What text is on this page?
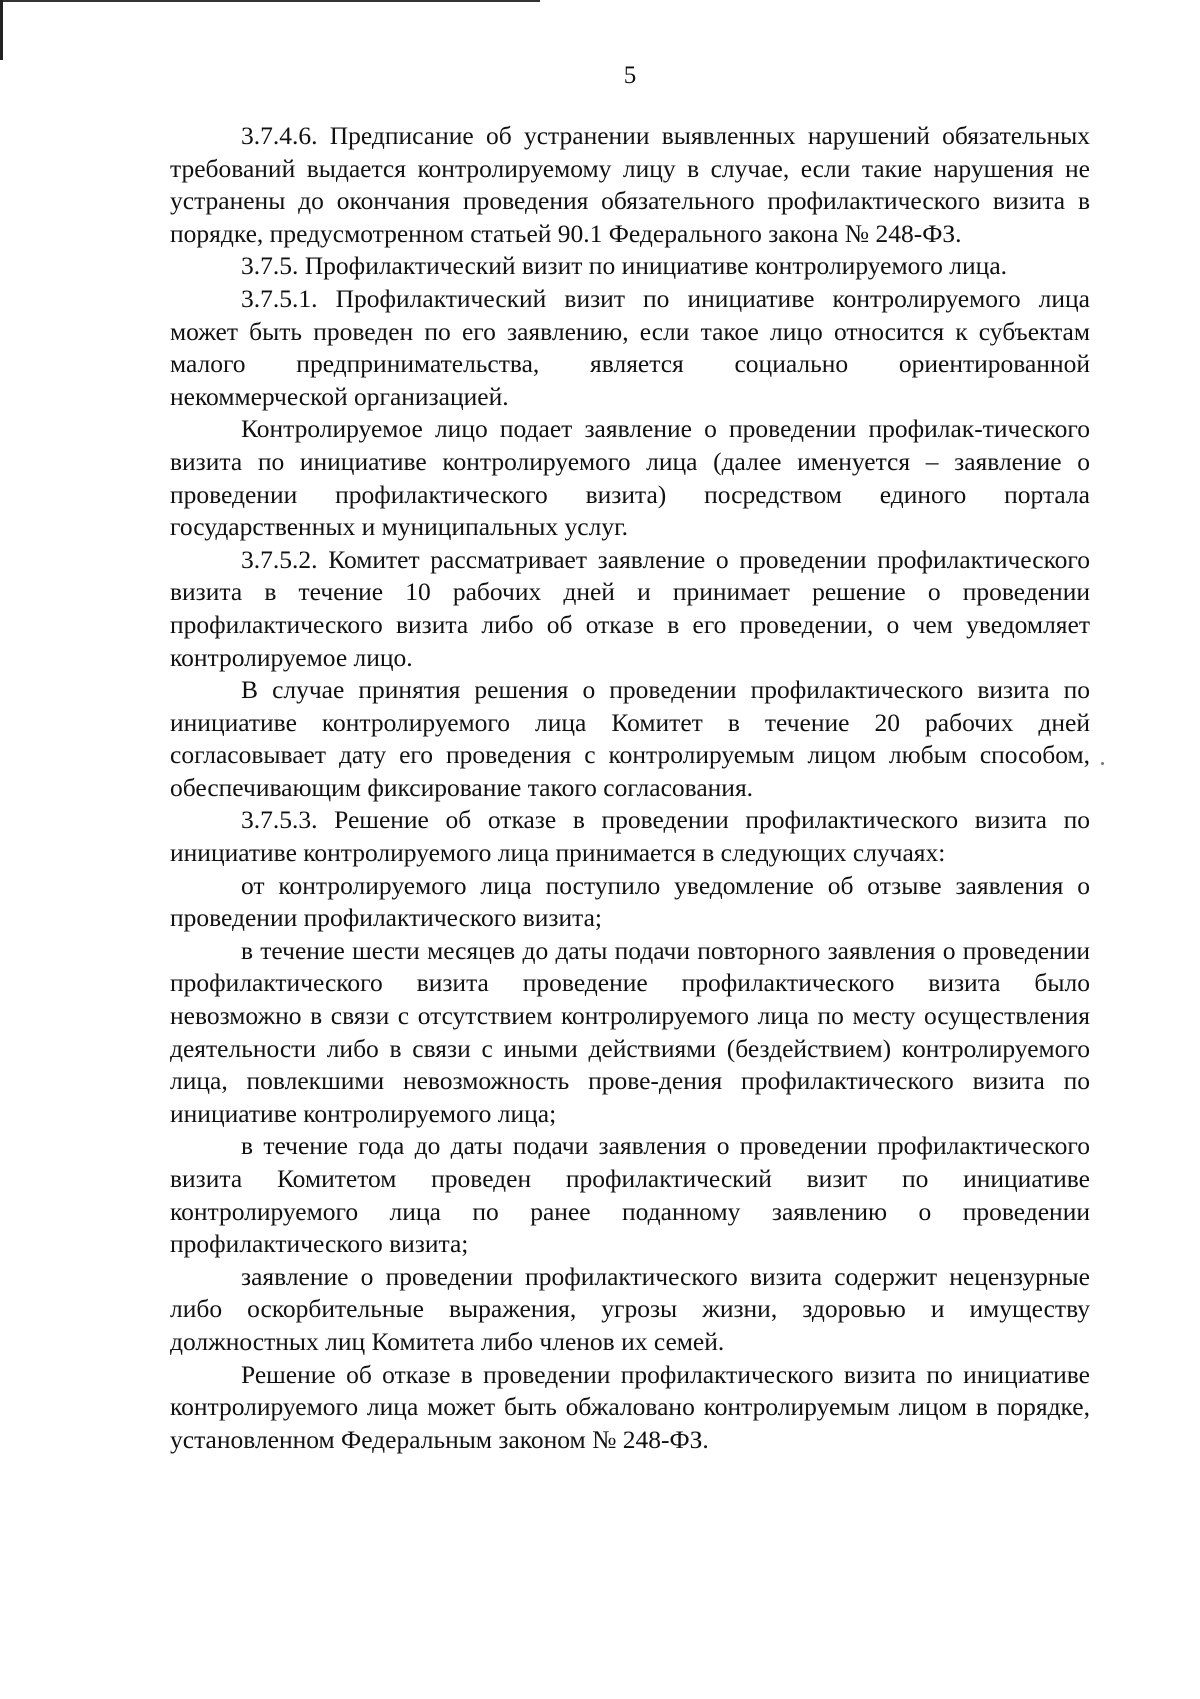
5

3.7.4.6. Предписание об устранении выявленных нарушений обязательных требований выдается контролируемому лицу в случае, если такие нарушения не устранены до окончания проведения обязательного профилактического визита в порядке, предусмотренном статьей 90.1 Федерального закона № 248-ФЗ.

3.7.5. Профилактический визит по инициативе контролируемого лица.

3.7.5.1. Профилактический визит по инициативе контролируемого лица может быть проведен по его заявлению, если такое лицо относится к субъектам малого предпринимательства, является социально ориентированной некоммерческой организацией.

Контролируемое лицо подает заявление о проведении профилак-тического визита по инициативе контролируемого лица (далее именуется – заявление о проведении профилактического визита) посредством единого портала государственных и муниципальных услуг.

3.7.5.2. Комитет рассматривает заявление о проведении профилактического визита в течение 10 рабочих дней и принимает решение о проведении профилактического визита либо об отказе в его проведении, о чем уведомляет контролируемое лицо.

В случае принятия решения о проведении профилактического визита по инициативе контролируемого лица Комитет в течение 20 рабочих дней согласовывает дату его проведения с контролируемым лицом любым способом, обеспечивающим фиксирование такого согласования.

3.7.5.3. Решение об отказе в проведении профилактического визита по инициативе контролируемого лица принимается в следующих случаях:

от контролируемого лица поступило уведомление об отзыве заявления о проведении профилактического визита;

в течение шести месяцев до даты подачи повторного заявления о проведении профилактического визита проведение профилактического визита было невозможно в связи с отсутствием контролируемого лица по месту осуществления деятельности либо в связи с иными действиями (бездействием) контролируемого лица, повлекшими невозможность прове-дения профилактического визита по инициативе контролируемого лица;

в течение года до даты подачи заявления о проведении профилактического визита Комитетом проведен профилактический визит по инициативе контролируемого лица по ранее поданному заявлению о проведении профилактического визита;

заявление о проведении профилактического визита содержит нецензурные либо оскорбительные выражения, угрозы жизни, здоровью и имуществу должностных лиц Комитета либо членов их семей.

Решение об отказе в проведении профилактического визита по инициативе контролируемого лица может быть обжаловано контролируемым лицом в порядке, установленном Федеральным законом № 248-ФЗ.
